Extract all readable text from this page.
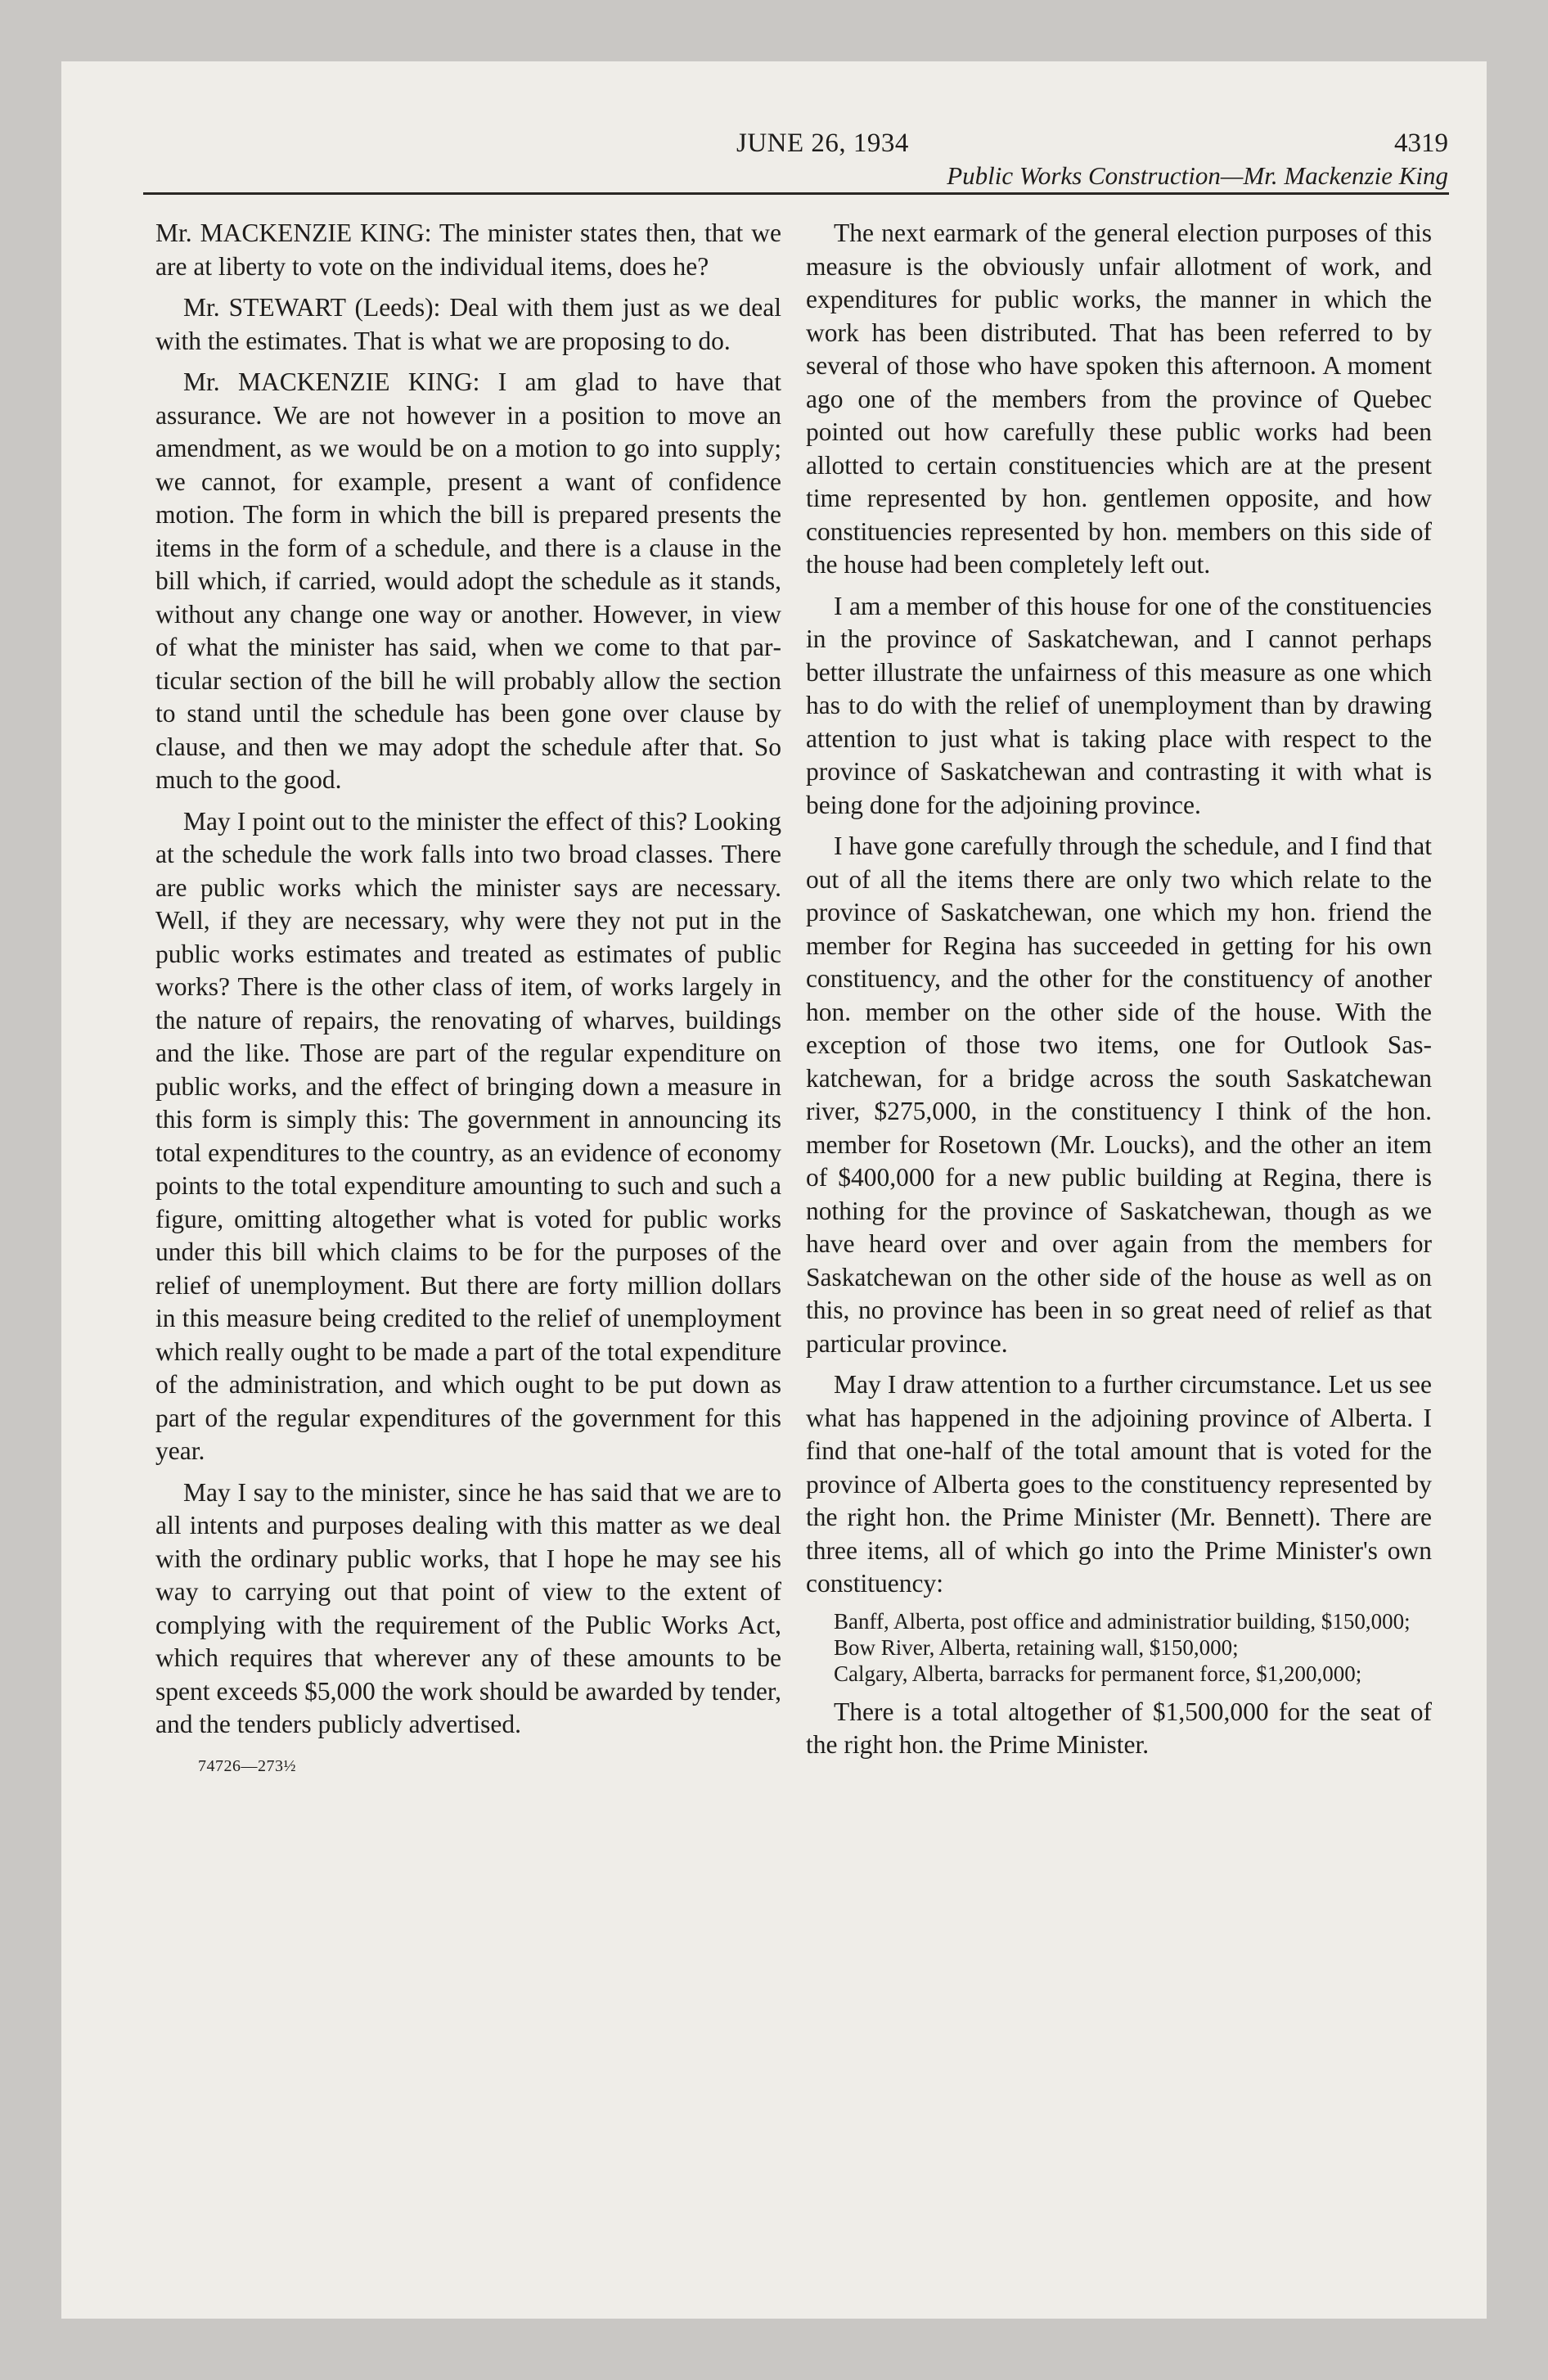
JUNE 26, 1934	4319
Public Works Construction—Mr. Mackenzie King

Mr. MACKENZIE KING: The minister states then, that we are at liberty to vote on the individual items, does he?

Mr. STEWART (Leeds): Deal with them just as we deal with the estimates. That is what we are proposing to do.

Mr. MACKENZIE KING: I am glad to have that assurance. We are not however in a position to move an amendment, as we would be on a motion to go into supply; we cannot, for example, present a want of confidence motion. The form in which the bill is prepared presents the items in the form of a schedule, and there is a clause in the bill which, if carried, would adopt the schedule as it stands, without any change one way or another. However, in view of what the minister has said, when we come to that particular section of the bill he will probably allow the section to stand until the schedule has been gone over clause by clause, and then we may adopt the schedule after that. So much to the good.

May I point out to the minister the effect of this? Looking at the schedule the work falls into two broad classes. There are public works which the minister says are necessary. Well, if they are necessary, why were they not put in the public works estimates and treated as estimates of public works? There is the other class of item, of works largely in the nature of repairs, the renovating of wharves, buildings and the like. Those are part of the regular expenditure on public works, and the effect of bringing down a measure in this form is simply this: The government in announcing its total expenditures to the country, as an evidence of economy points to the total expenditure amounting to such and such a figure, omitting altogether what is voted for public works under this bill which claims to be for the purposes of the relief of unemployment. But there are forty million dollars in this measure being credited to the relief of unemployment which really ought to be made a part of the total expenditure of the administration, and which ought to be put down as part of the regular expenditures of the government for this year.

May I say to the minister, since he has said that we are to all intents and purposes dealing with this matter as we deal with the ordinary public works, that I hope he may see his way to carrying out that point of view to the extent of complying with the requirement of the Public Works Act, which requires that wherever any of these amounts to be spent exceeds $5,000 the work should be awarded by tender, and the tenders publicly advertised.

74726—273½

The next earmark of the general election purposes of this measure is the obviously unfair allotment of work, and expenditures for public works, the manner in which the work has been distributed. That has been referred to by several of those who have spoken this afternoon. A moment ago one of the members from the province of Quebec pointed out how carefully these public works had been allotted to certain constituencies which are at the present time represented by hon. gentlemen opposite, and how constituencies represented by hon. members on this side of the house had been completely left out.

I am a member of this house for one of the constituencies in the province of Saskatchewan, and I cannot perhaps better illustrate the unfairness of this measure as one which has to do with the relief of unemployment than by drawing attention to just what is taking place with respect to the province of Saskatchewan and contrasting it with what is being done for the adjoining province.

I have gone carefully through the schedule, and I find that out of all the items there are only two which relate to the province of Saskatchewan, one which my hon. friend the member for Regina has succeeded in getting for his own constituency, and the other for the constituency of another hon. member on the other side of the house. With the exception of those two items, one for Outlook Saskatchewan, for a bridge across the south Saskatchewan river, $275,000, in the constituency I think of the hon. member for Rosetown (Mr. Loucks), and the other an item of $400,000 for a new public building at Regina, there is nothing for the province of Saskatchewan, though as we have heard over and over again from the members for Saskatchewan on the other side of the house as well as on this, no province has been in so great need of relief as that particular province.

May I draw attention to a further circumstance. Let us see what has happened in the adjoining province of Alberta. I find that one-half of the total amount that is voted for the province of Alberta goes to the constituency represented by the right hon. the Prime Minister (Mr. Bennett). There are three items, all of which go into the Prime Minister's own constituency:

Banff, Alberta, post office and administratior building, $150,000;

Bow River, Alberta, retaining wall, $150,000;

Calgary, Alberta, barracks for permanent force, $1,200,000;

There is a total altogether of $1,500,000 for the seat of the right hon. the Prime Minister.
